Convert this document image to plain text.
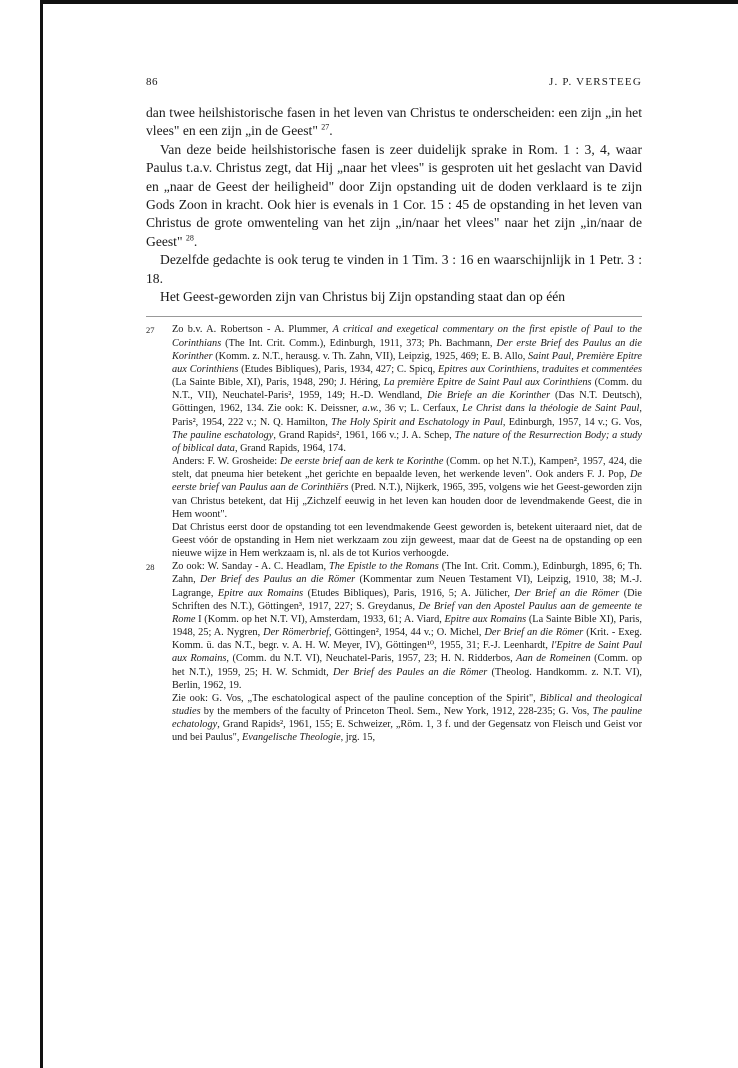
86	J. P. VERSTEEG

dan twee heilshistorische fasen in het leven van Christus te onderscheiden: een zijn „in het vlees" en een zijn „in de Geest" $^{27}$.

Van deze beide heilshistorische fasen is zeer duidelijk sprake in Rom. 1 : 3, 4, waar Paulus t.a.v. Christus zegt, dat Hij „naar het vlees" is gesproten uit het geslacht van David en „naar de Geest der heiligheid" door Zijn opstanding uit de doden verklaard is te zijn Gods Zoon in kracht. Ook hier is evenals in 1 Cor. 15 : 45 de opstanding in het leven van Christus de grote omwenteling van het zijn „in/naar het vlees" naar het zijn „in/naar de Geest" $^{28}$.

Dezelfde gedachte is ook terug te vinden in 1 Tim. 3 : 16 en waarschijnlijk in 1 Petr. 3 : 18.

Het Geest-geworden zijn van Christus bij Zijn opstanding staat dan op één

27	Zo b.v. A. Robertson - A. Plummer, A critical and exegetical commentary on the first epistle of Paul to the Corinthians (The Int. Crit. Comm.), Edinburgh, 1911, 373; Ph. Bachmann, Der erste Brief des Paulus an die Korinther (Komm. z. N.T., herausg. v. Th. Zahn, VII), Leipzig, 1925, 469; E. B. Allo, Saint Paul, Première Epitre aux Corinthiens (Etudes Bibliques), Paris, 1934, 427; C. Spicq, Epitres aux Corinthiens, traduites et commentées (La Sainte Bible, XI), Paris, 1948, 290; J. Héring, La première Epitre de Saint Paul aux Corinthiens (Comm. du N.T., VII), Neuchatel-Paris², 1959, 149; H.-D. Wendland, Die Briefe an die Korinther (Das N.T. Deutsch), Göttingen, 1962, 134. Zie ook: K. Deissner, a.w., 36 v; L. Cerfaux, Le Christ dans la théologie de Saint Paul, Paris², 1954, 222 v.; N. Q. Hamilton, The Holy Spirit and Eschatology in Paul, Edinburgh, 1957, 14 v.; G. Vos, The pauline eschatology, Grand Rapids², 1961, 166 v.; J. A. Schep, The nature of the Resurrection Body; a study of biblical data, Grand Rapids, 1964, 174.

Anders: F. W. Grosheide: De eerste brief aan de kerk te Korinthe (Comm. op het N.T.), Kampen², 1957, 424, die stelt, dat pneuma hier betekent „het gerichte en bepaalde leven, het werkende leven". Ook anders F. J. Pop, De eerste brief van Paulus aan de Corinthiërs (Pred. N.T.), Nijkerk, 1965, 395, volgens wie het Geest-geworden zijn van Christus betekent, dat Hij „Zichzelf eeuwig in het leven kan houden door de levendmakende Geest, die in Hem woont".

Dat Christus eerst door de opstanding tot een levendmakende Geest geworden is, betekent uiteraard niet, dat de Geest vóór de opstanding in Hem niet werkzaam zou zijn geweest, maar dat de Geest na de opstanding op een nieuwe wijze in Hem werkzaam is, nl. als de tot Kurios verhoogde.

28	Zo ook: W. Sanday - A. C. Headlam, The Epistle to the Romans (The Int. Crit. Comm.), Edinburgh, 1895, 6; Th. Zahn, Der Brief des Paulus an die Römer (Kommentar zum Neuen Testament VI), Leipzig, 1910, 38; M.-J. Lagrange, Epitre aux Romains (Etudes Bibliques), Paris, 1916, 5; A. Jülicher, Der Brief an die Römer (Die Schriften des N.T.), Göttingen³, 1917, 227; S. Greydanus, De Brief van den Apostel Paulus aan de gemeente te Rome I (Komm. op het N.T. VI), Amsterdam, 1933, 61; A. Viard, Epitre aux Romains (La Sainte Bible XI), Paris, 1948, 25; A. Nygren, Der Römerbrief, Göttingen², 1954, 44 v.; O. Michel, Der Brief an die Römer (Krit. - Exeg. Komm. ü. das N.T., begr. v. A. H. W. Meyer, IV), Göttingen¹⁰, 1955, 31; F.-J. Leenhardt, l'Epitre de Saint Paul aux Romains, (Comm. du N.T. VI), Neuchatel-Paris, 1957, 23; H. N. Ridderbos, Aan de Romeinen (Comm. op het N.T.), 1959, 25; H. W. Schmidt, Der Brief des Paules an die Römer (Theolog. Handkomm. z. N.T. VI), Berlin, 1962, 19.

Zie ook: G. Vos, „The eschatological aspect of the pauline conception of the Spirit", Biblical and theological studies by the members of the faculty of Princeton Theol. Sem., New York, 1912, 228-235; G. Vos, The pauline echatology, Grand Rapids², 1961, 155; E. Schweizer, „Röm. 1, 3 f. und der Gegensatz von Fleisch und Geist vor und bei Paulus", Evangelische Theologie, jrg. 15,
